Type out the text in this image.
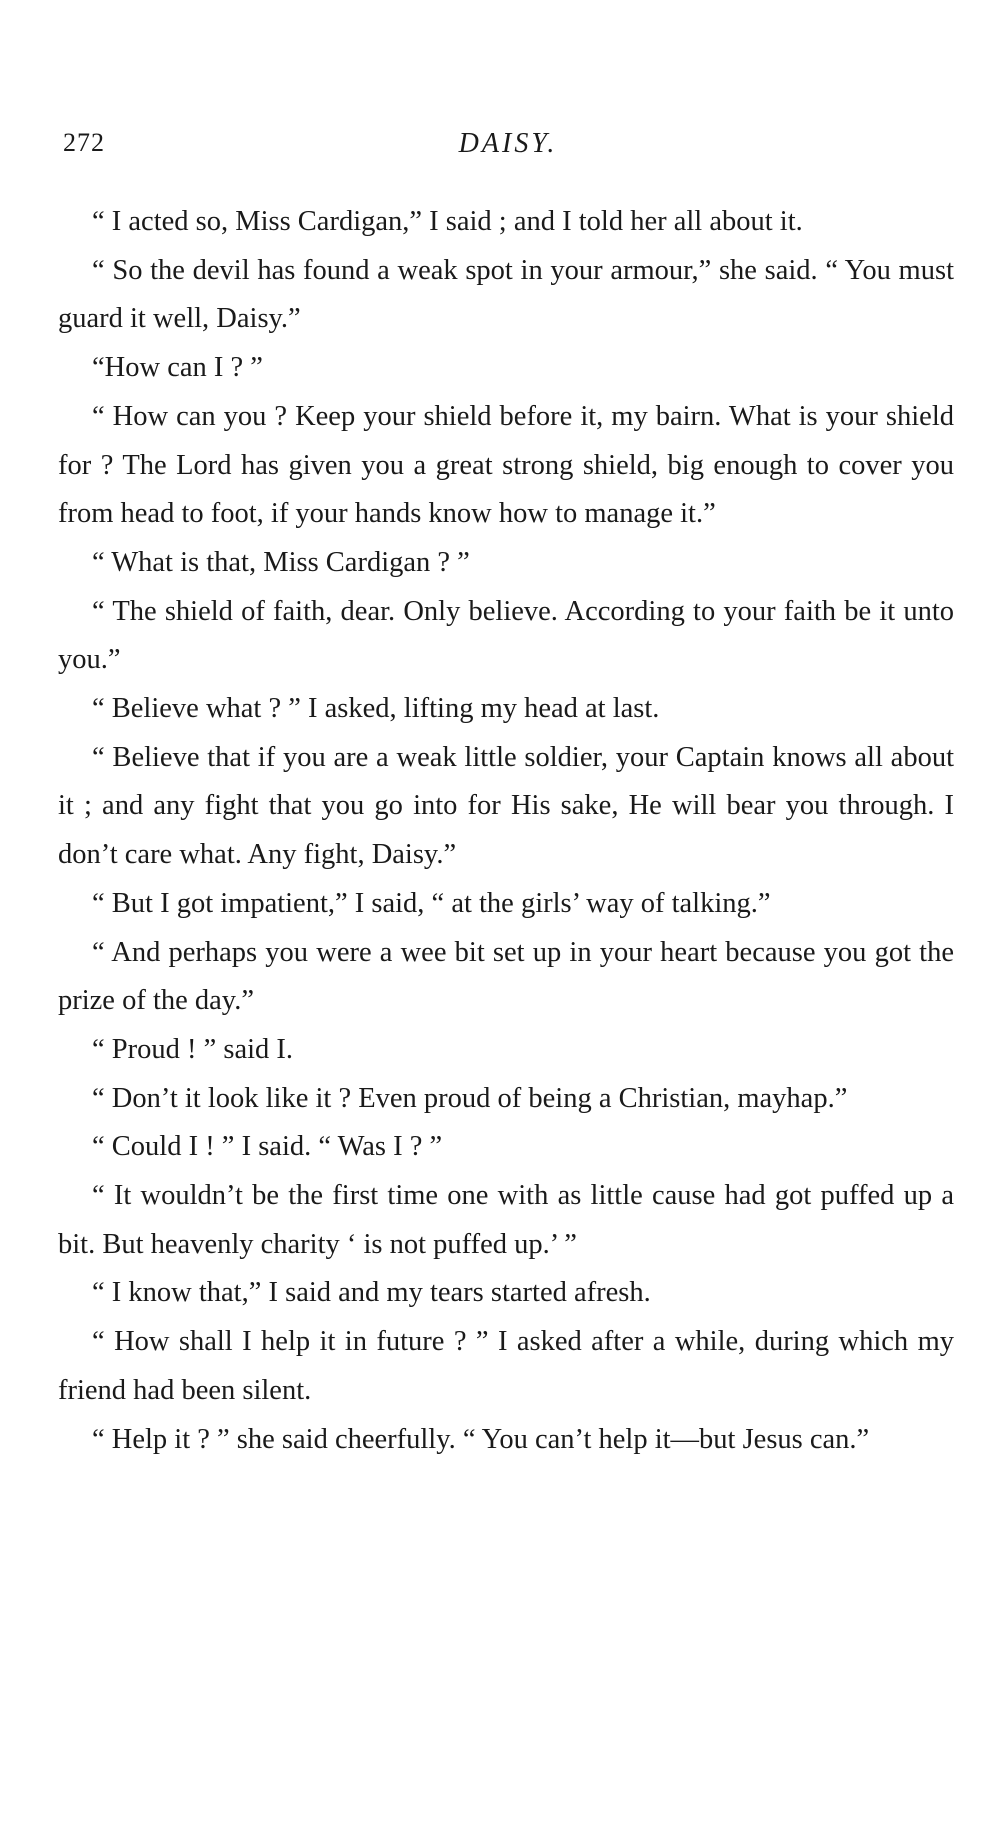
272	DAISY.

“ I acted so, Miss Cardigan,” I said ; and I told her all about it.

“ So the devil has found a weak spot in your armour,” she said. “ You must guard it well, Daisy.”

“How can I ? ”

“ How can you ? Keep your shield before it, my bairn. What is your shield for ? The Lord has given you a great strong shield, big enough to cover you from head to foot, if your hands know how to manage it.”

“ What is that, Miss Cardigan ? ”

“ The shield of faith, dear. Only believe. According to your faith be it unto you.”

“ Believe what ? ” I asked, lifting my head at last.

“ Believe that if you are a weak little soldier, your Captain knows all about it ; and any fight that you go into for His sake, He will bear you through. I don’t care what. Any fight, Daisy.”

“ But I got impatient,” I said, “ at the girls’ way of talking.”

“ And perhaps you were a wee bit set up in your heart because you got the prize of the day.”

“ Proud ! ” said I.

“ Don’t it look like it ? Even proud of being a Christian, mayhap.”

“ Could I ! ” I said. “ Was I ? ”

“ It wouldn’t be the first time one with as little cause had got puffed up a bit. But heavenly charity ‘ is not puffed up.’ ”

“ I know that,” I said and my tears started afresh.

“ How shall I help it in future ? ” I asked after a while, during which my friend had been silent.

“ Help it ? ” she said cheerfully. “ You can’t help it—but Jesus can.”
